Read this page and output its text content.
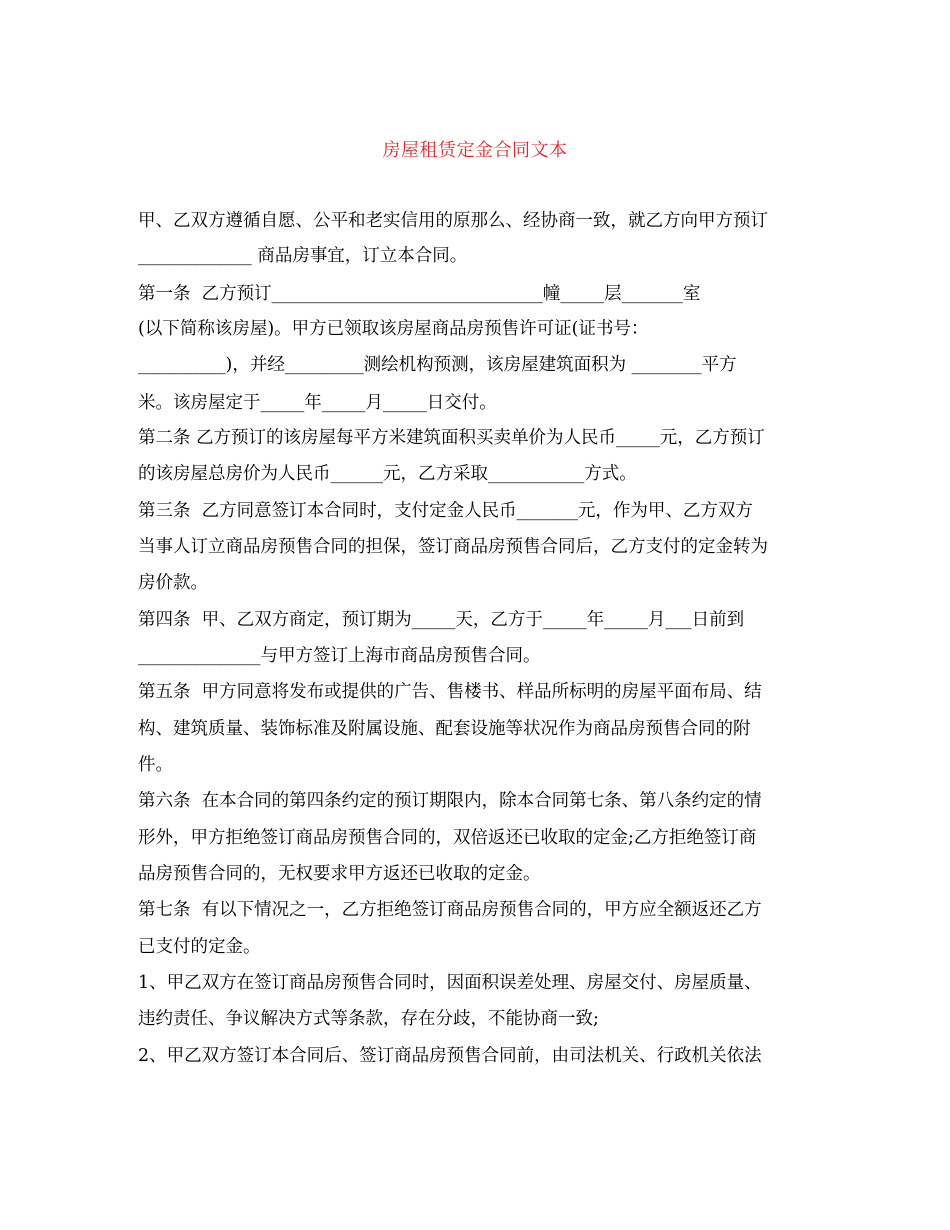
房屋租赁定金合同文本
甲、乙双方遵循自愿、公平和老实信用的原那么、经协商一致，就乙方向甲方预订
_____________ 商品房事宜，订立本合同。
第一条  乙方预订_______________________________幢_____层_______室
(以下简称该房屋)。甲方已领取该房屋商品房预售许可证(证书号：
__________)，并经_________测绘机构预测，该房屋建筑面积为 ________平方
米。该房屋定于_____年_____月_____日交付。
第二条 乙方预订的该房屋每平方米建筑面积买卖单价为人民币_____元，乙方预订
的该房屋总房价为人民币______元，乙方采取___________方式。
第三条  乙方同意签订本合同时，支付定金人民币_______元，作为甲、乙方双方
当事人订立商品房预售合同的担保，签订商品房预售合同后，乙方支付的定金转为
房价款。
第四条  甲、乙双方商定，预订期为_____天，乙方于_____年_____月___日前到
______________与甲方签订上海市商品房预售合同。
第五条  甲方同意将发布或提供的广告、售楼书、样品所标明的房屋平面布局、结
构、建筑质量、装饰标准及附属设施、配套设施等状况作为商品房预售合同的附
件。
第六条  在本合同的第四条约定的预订期限内，除本合同第七条、第八条约定的情
形外，甲方拒绝签订商品房预售合同的，双倍返还已收取的定金;乙方拒绝签订商
品房预售合同的，无权要求甲方返还已收取的定金。
第七条  有以下情况之一，乙方拒绝签订商品房预售合同的，甲方应全额返还乙方
已支付的定金。
1、甲乙双方在签订商品房预售合同时，因面积误差处理、房屋交付、房屋质量、
违约责任、争议解决方式等条款，存在分歧，不能协商一致;
2、甲乙双方签订本合同后、签订商品房预售合同前，由司法机关、行政机关依法
